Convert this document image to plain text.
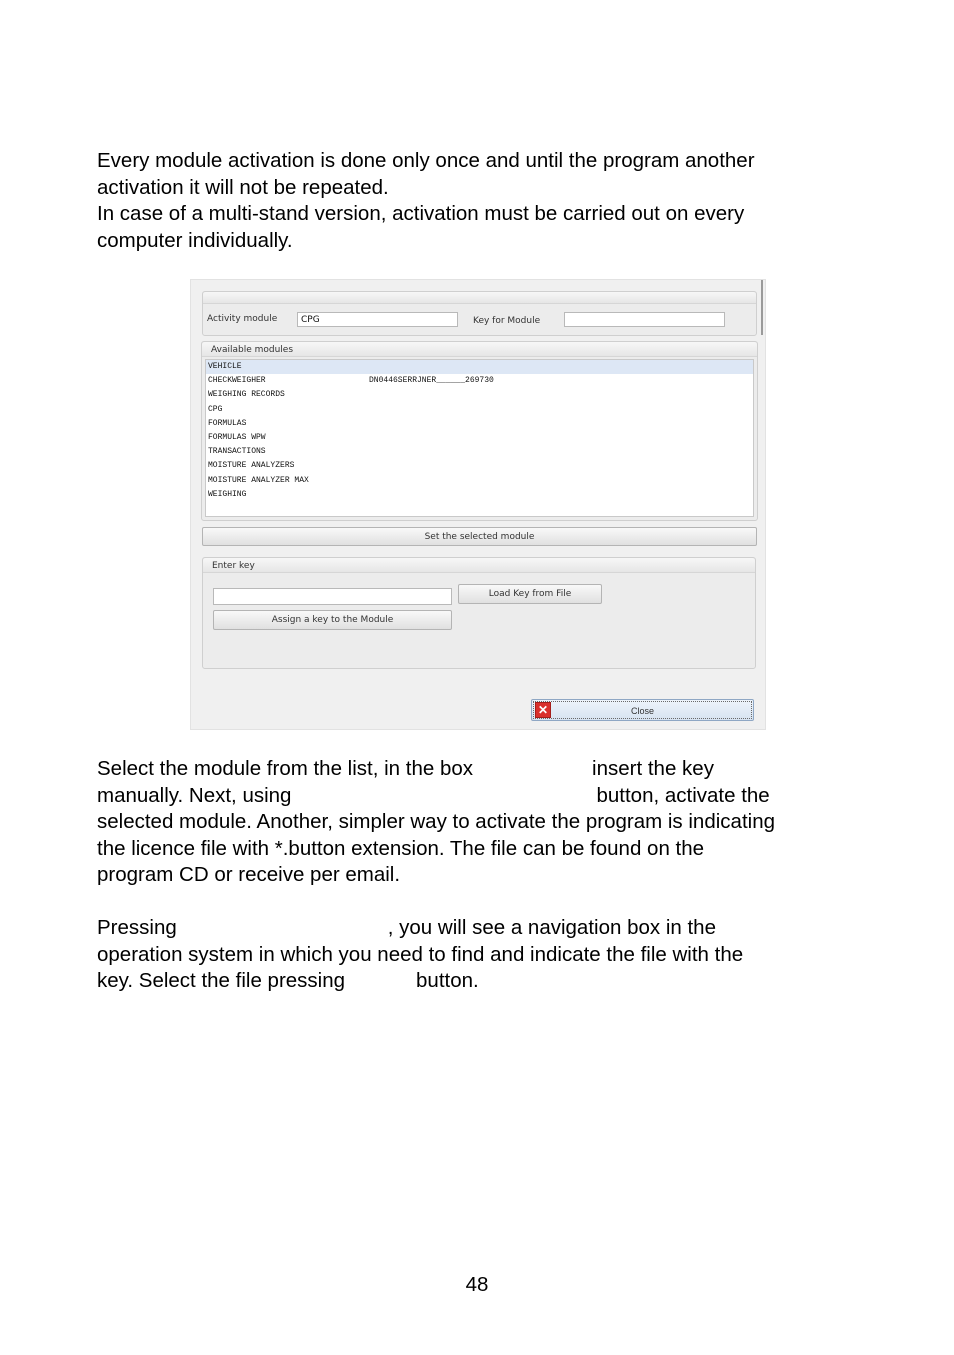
Every module activation is done only once and until the program another
activation it will not be repeated.
In case of a multi-stand version, activation must be carried out on every
computer individually.

Activity module	CPG	Key for Module
Available modules
VEHICLE
CHECKWEIGHER	DN0446SERRJNER______269730
WEIGHING RECORDS
CPG
FORMULAS
FORMULAS WPW
TRANSACTIONS
MOISTURE ANALYZERS
MOISTURE ANALYZER MAX
WEIGHING
Set the selected module
Enter key
Load Key from File
Assign a key to the Module
✕	Close

Select the module from the list, in the box	insert the key
manually. Next, using	button, activate the
selected module. Another, simpler way to activate the program is indicating
the licence file with *.button extension. The file can be found on the
program CD or receive per email.

Pressing	, you will see a navigation box in the
operation system in which you need to find and indicate the file with the
key. Select the file pressing	button.

48
